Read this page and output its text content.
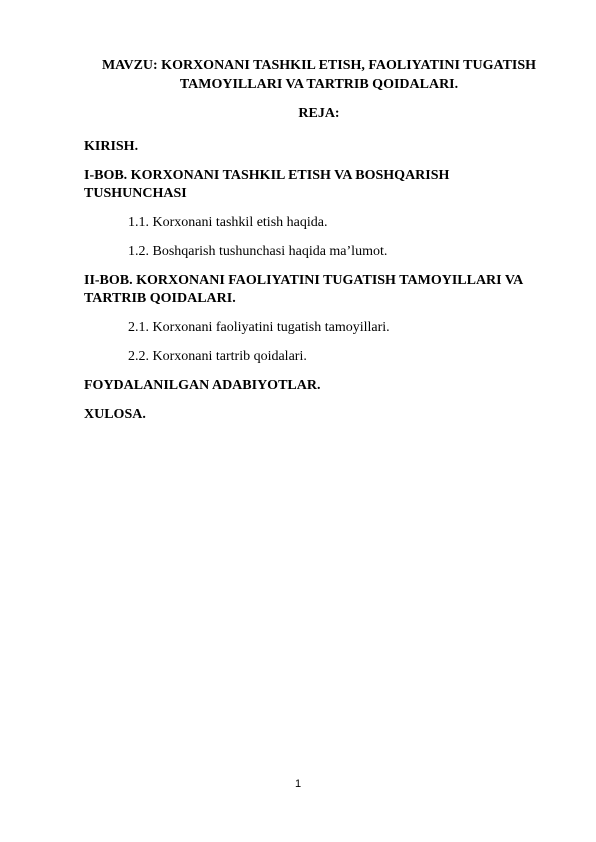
MAVZU: KORXONANI TASHKIL ETISH, FAOLIYATINI TUGATISH TAMOYILLARI VA TARTRIB QOIDALARI.
REJA:

KIRISH.

I-BOB. KORXONANI TASHKIL ETISH VA BOSHQARISH TUSHUNCHASI

1.1. Korxonani tashkil etish haqida.

1.2. Boshqarish tushunchasi haqida ma’lumot.

II-BOB. KORXONANI FAOLIYATINI TUGATISH TAMOYILLARI VA TARTRIB QOIDALARI.

2.1. Korxonani faoliyatini tugatish tamoyillari.

2.2. Korxonani tartrib qoidalari.

FOYDALANILGAN ADABIYOTLAR.

XULOSA.

1
